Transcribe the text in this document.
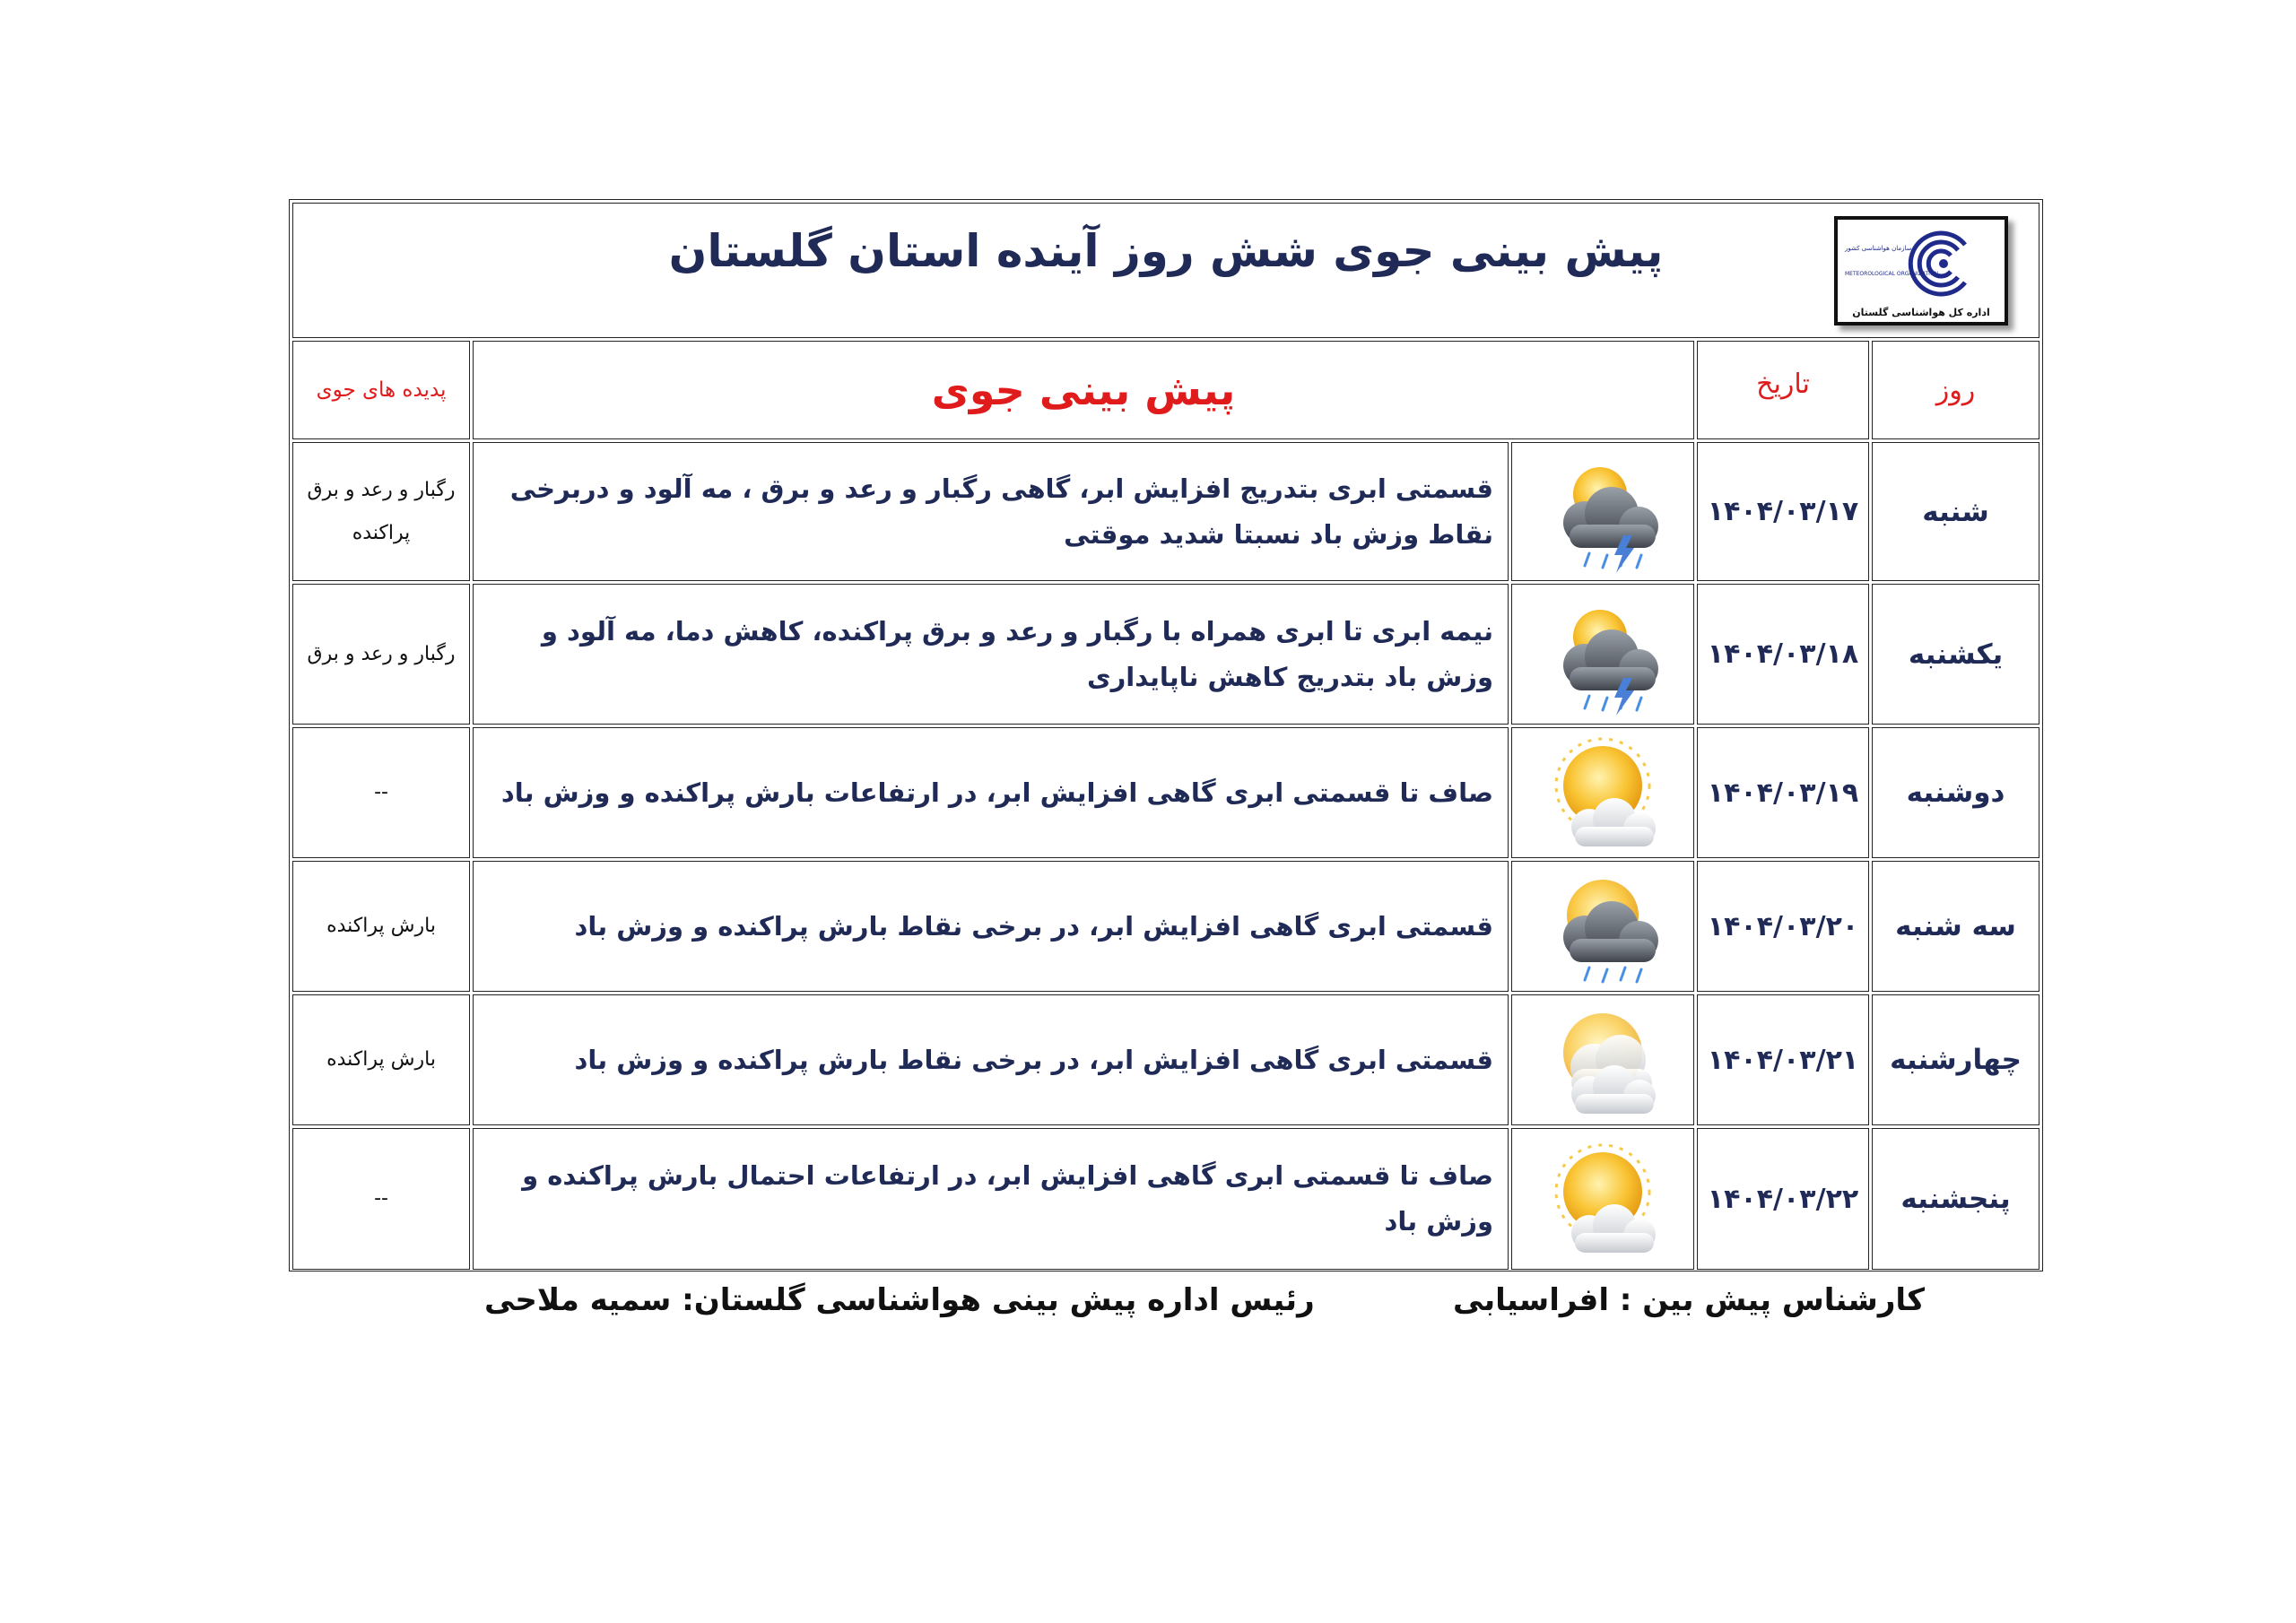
پیش بینی جوی شش روز آینده استان گلستان	سازمان هواشناسی کشور
METEOROLOGICAL ORGANIZATION
اداره کل هواشناسی گلستان
روز
تاریخ
پیش بینی جوی
پدیده های جوی
شنبه
۱۴۰۴/۰۳/۱۷
قسمتی ابری بتدریج افزایش ابر، گاهی رگبار و رعد و برق ، مه آلود و دربرخی نقاط وزش باد نسبتا شدید موقتی
رگبار و رعد و برق پراکنده
یکشنبه
۱۴۰۴/۰۳/۱۸
نیمه ابری تا ابری همراه با رگبار و رعد و برق پراکنده، کاهش دما، مه آلود و وزش باد بتدریج کاهش ناپایداری
رگبار و رعد و برق
دوشنبه
۱۴۰۴/۰۳/۱۹
صاف تا قسمتی ابری گاهی افزایش ابر، در ارتفاعات بارش پراکنده و وزش باد
--
سه شنبه
۱۴۰۴/۰۳/۲۰
قسمتی ابری گاهی افزایش ابر، در برخی نقاط بارش پراکنده و وزش باد
بارش پراکنده
چهارشنبه
۱۴۰۴/۰۳/۲۱
قسمتی ابری گاهی افزایش ابر، در برخی نقاط بارش پراکنده و وزش باد
بارش پراکنده
پنجشنبه
۱۴۰۴/۰۳/۲۲
صاف تا قسمتی ابری گاهی افزایش ابر، در ارتفاعات احتمال بارش پراکنده و وزش باد
--
کارشناس پیش بین : افراسیابی
رئیس اداره پیش بینی هواشناسی گلستان: سمیه ملاحی
